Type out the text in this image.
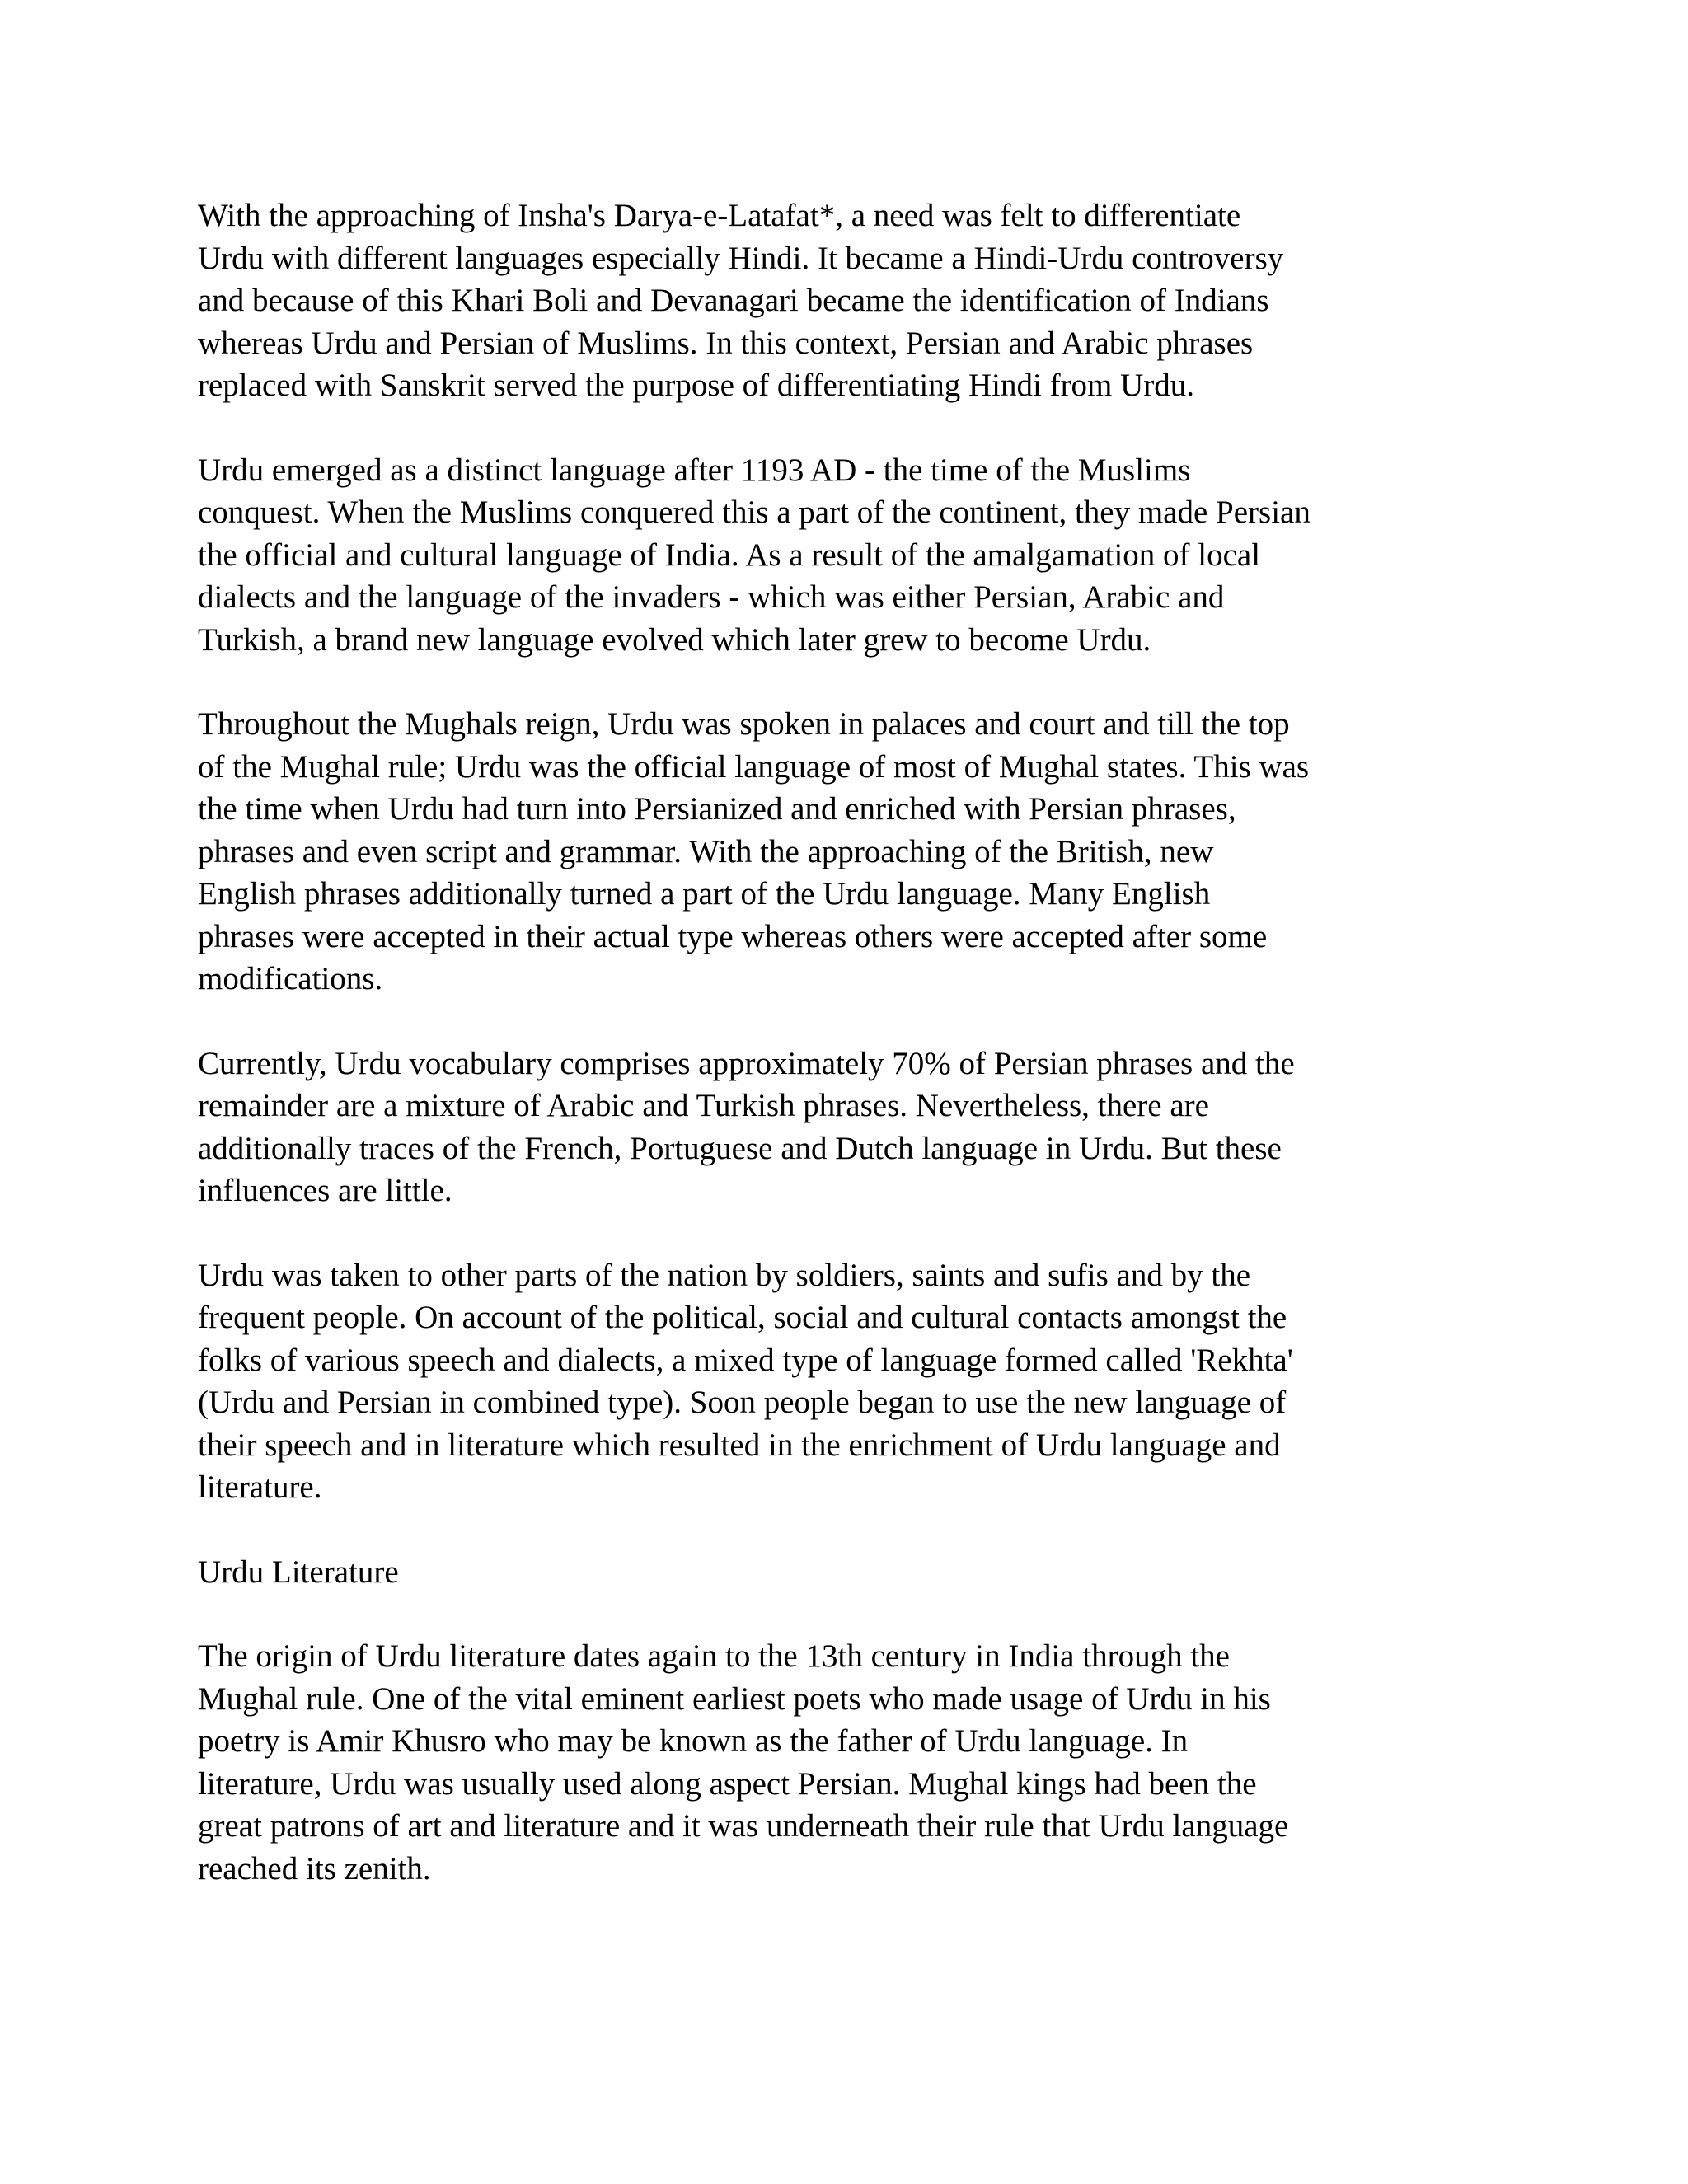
With the approaching of Insha's Darya-e-Latafat*, a need was felt to differentiate
Urdu with different languages especially Hindi. It became a Hindi-Urdu controversy
and because of this Khari Boli and Devanagari became the identification of Indians
whereas Urdu and Persian of Muslims. In this context, Persian and Arabic phrases
replaced with Sanskrit served the purpose of differentiating Hindi from Urdu.

Urdu emerged as a distinct language after 1193 AD - the time of the Muslims
conquest. When the Muslims conquered this a part of the continent, they made Persian
the official and cultural language of India. As a result of the amalgamation of local
dialects and the language of the invaders - which was either Persian, Arabic and
Turkish, a brand new language evolved which later grew to become Urdu.

Throughout the Mughals reign, Urdu was spoken in palaces and court and till the top
of the Mughal rule; Urdu was the official language of most of Mughal states. This was
the time when Urdu had turn into Persianized and enriched with Persian phrases,
phrases and even script and grammar. With the approaching of the British, new
English phrases additionally turned a part of the Urdu language. Many English
phrases were accepted in their actual type whereas others were accepted after some
modifications.

Currently, Urdu vocabulary comprises approximately 70% of Persian phrases and the
remainder are a mixture of Arabic and Turkish phrases. Nevertheless, there are
additionally traces of the French, Portuguese and Dutch language in Urdu. But these
influences are little.

Urdu was taken to other parts of the nation by soldiers, saints and sufis and by the
frequent people. On account of the political, social and cultural contacts amongst the
folks of various speech and dialects, a mixed type of language formed called 'Rekhta'
(Urdu and Persian in combined type). Soon people began to use the new language of
their speech and in literature which resulted in the enrichment of Urdu language and
literature.

Urdu Literature

The origin of Urdu literature dates again to the 13th century in India through the
Mughal rule. One of the vital eminent earliest poets who made usage of Urdu in his
poetry is Amir Khusro who may be known as the father of Urdu language. In
literature, Urdu was usually used along aspect Persian. Mughal kings had been the
great patrons of art and literature and it was underneath their rule that Urdu language
reached its zenith.
